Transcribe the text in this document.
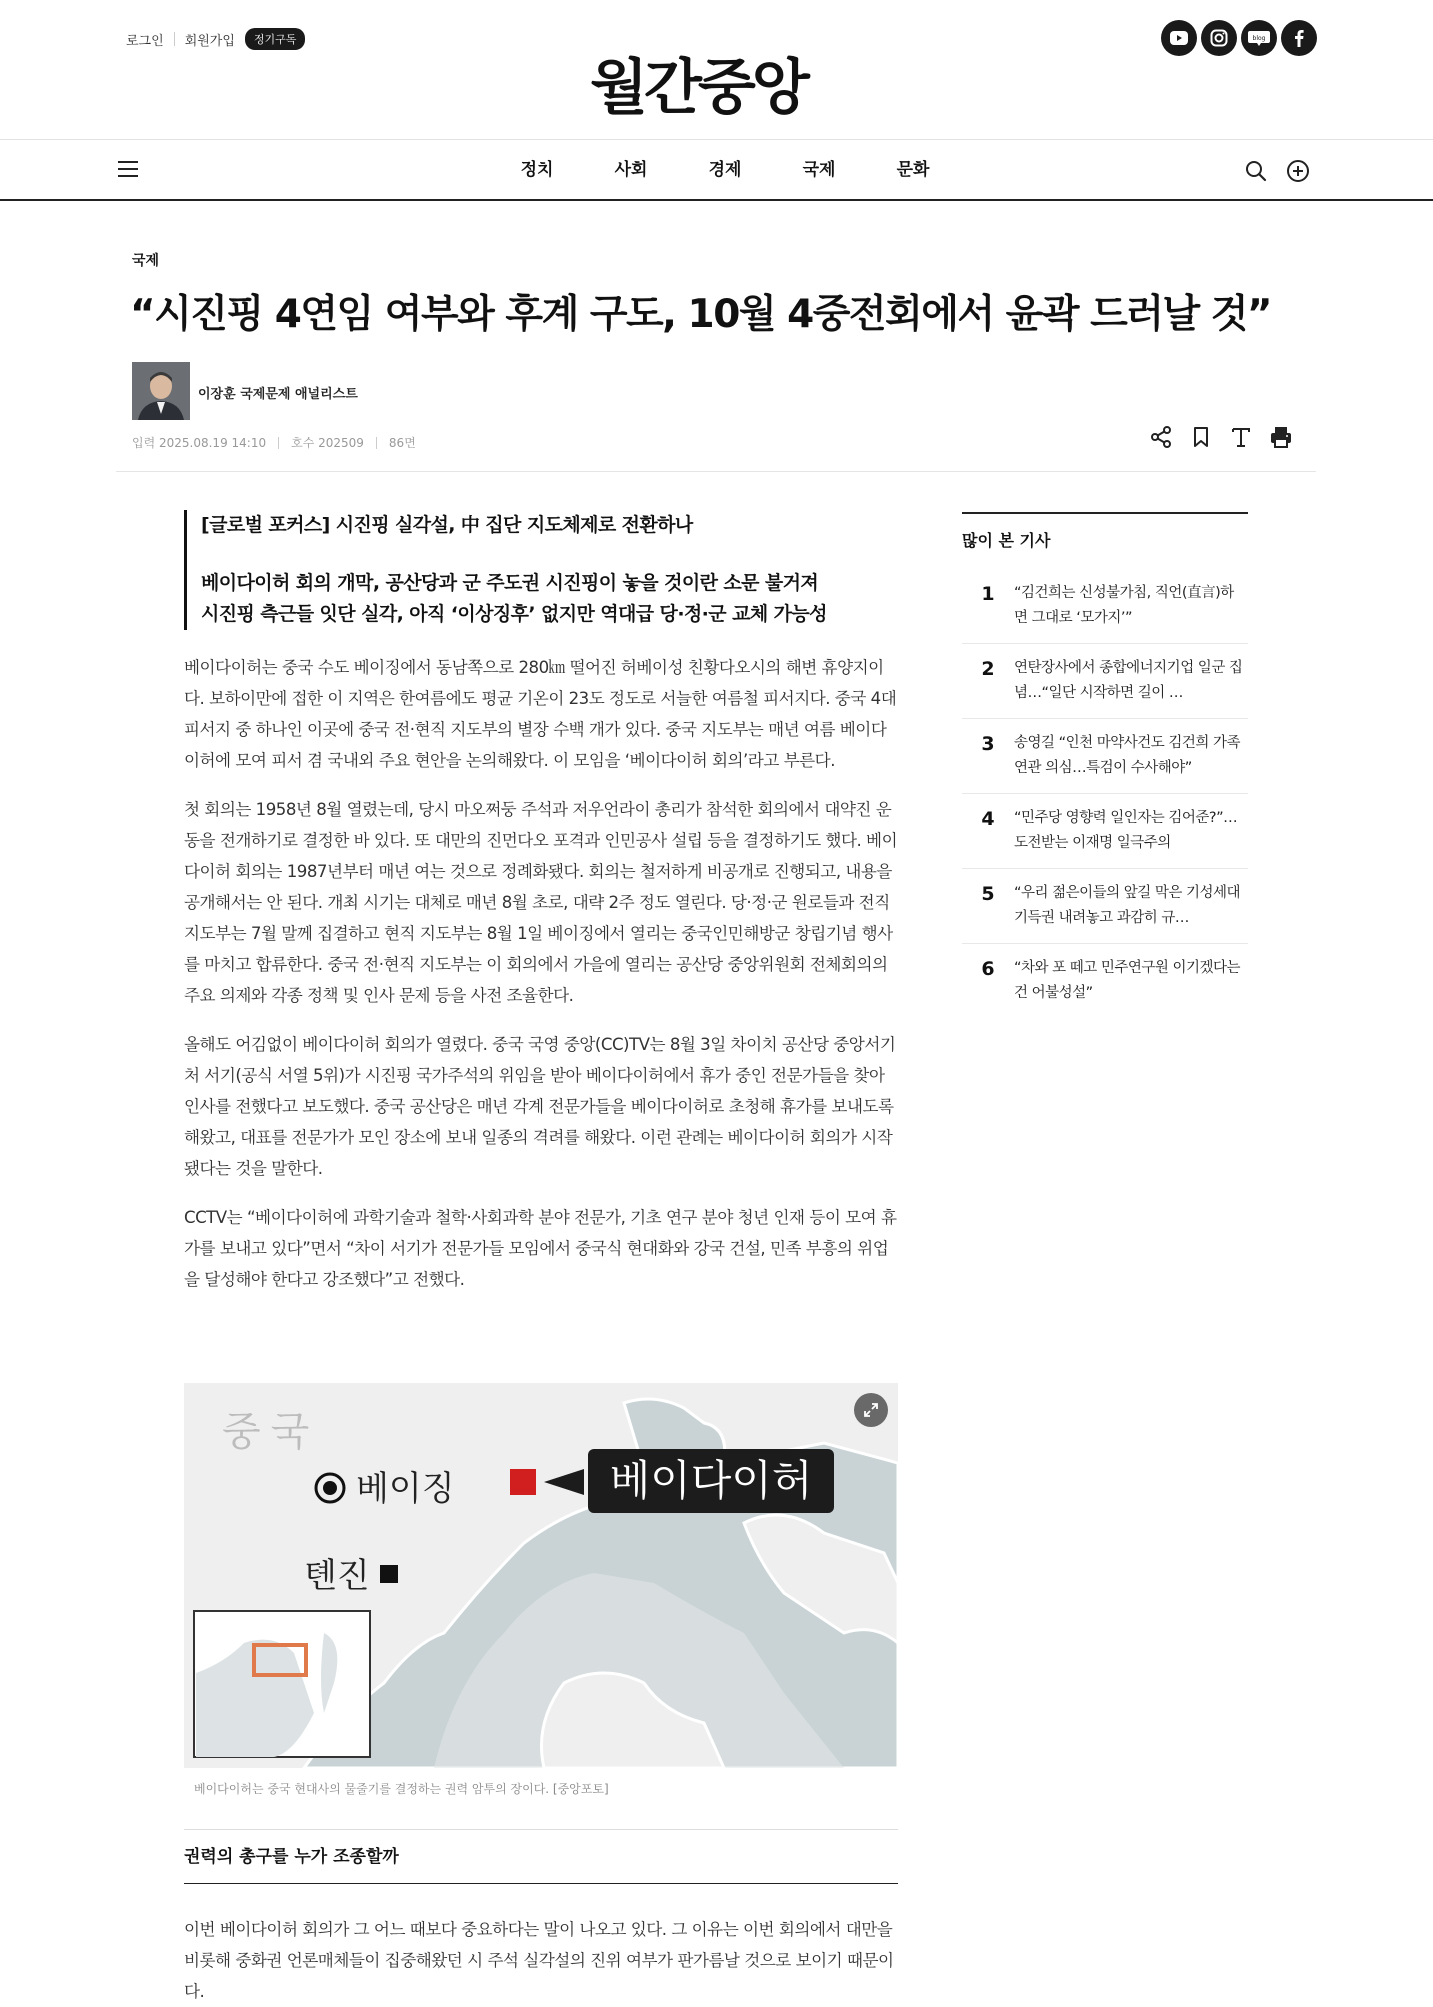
로그인 회원가입	정기구독
월간중앙
blog
정치	사회	경제	국제	문화
국제
“시진핑 4연임 여부와 후계 구도, 10월 4중전회에서 윤곽 드러날 것”
이장훈 국제문제 애널리스트
입력 2025.08.19 14:10 호수 202509 86면

[글로벌 포커스] 시진핑 실각설, 中 집단 지도체제로 전환하나

베이다이허 회의 개막, 공산당과 군 주도권 시진핑이 놓을 것이란 소문 불거져

시진핑 측근들 잇단 실각, 아직 ‘이상징후’ 없지만 역대급 당·정·군 교체 가능성

베이다이허는 중국 수도 베이징에서 동남쪽으로 280㎞ 떨어진 허베이성 친황다오시의 해변 휴양지이다. 보하이만에 접한 이 지역은 한여름에도 평균 기온이 23도 정도로 서늘한 여름철 피서지다. 중국 4대 피서지 중 하나인 이곳에 중국 전·현직 지도부의 별장 수백 개가 있다. 중국 지도부는 매년 여름 베이다이허에 모여 피서 겸 국내외 주요 현안을 논의해왔다. 이 모임을 ‘베이다이허 회의’라고 부른다.

첫 회의는 1958년 8월 열렸는데, 당시 마오쩌둥 주석과 저우언라이 총리가 참석한 회의에서 대약진 운동을 전개하기로 결정한 바 있다. 또 대만의 진먼다오 포격과 인민공사 설립 등을 결정하기도 했다. 베이다이허 회의는 1987년부터 매년 여는 것으로 정례화됐다. 회의는 철저하게 비공개로 진행되고, 내용을 공개해서는 안 된다. 개최 시기는 대체로 매년 8월 초로, 대략 2주 정도 열린다. 당·정·군 원로들과 전직 지도부는 7월 말께 집결하고 현직 지도부는 8월 1일 베이징에서 열리는 중국인민해방군 창립기념 행사를 마치고 합류한다. 중국 전·현직 지도부는 이 회의에서 가을에 열리는 공산당 중앙위원회 전체회의의 주요 의제와 각종 정책 및 인사 문제 등을 사전 조율한다.

올해도 어김없이 베이다이허 회의가 열렸다. 중국 국영 중앙(CC)TV는 8월 3일 차이치 공산당 중앙서기처 서기(공식 서열 5위)가 시진핑 국가주석의 위임을 받아 베이다이허에서 휴가 중인 전문가들을 찾아 인사를 전했다고 보도했다. 중국 공산당은 매년 각계 전문가들을 베이다이허로 초청해 휴가를 보내도록 해왔고, 대표를 전문가가 모인 장소에 보내 일종의 격려를 해왔다. 이런 관례는 베이다이허 회의가 시작됐다는 것을 말한다.

CCTV는 “베이다이허에 과학기술과 철학·사회과학 분야 전문가, 기초 연구 분야 청년 인재 등이 모여 휴가를 보내고 있다”면서 “차이 서기가 전문가들 모임에서 중국식 현대화와 강국 건설, 민족 부흥의 위업을 달성해야 한다고 강조했다”고 전했다.

중국
베이징	베이다이허
톈진
베이다이허는 중국 현대사의 물줄기를 결정하는 권력 암투의 장이다. [중앙포토]
권력의 총구를 누가 조종할까
이번 베이다이허 회의가 그 어느 때보다 중요하다는 말이 나오고 있다. 그 이유는 이번 회의에서 대만을 비롯해 중화권 언론매체들이 집중해왔던 시 주석 실각설의 진위 여부가 판가름날 것으로 보이기 때문이다.
많이 본 기사
1	“김건희는 신성불가침, 직언(直言)하면 그대로 ‘모가지’”
2	연탄장사에서 종합에너지기업 일군 집념…“일단 시작하면 길이 …
3	송영길 “인천 마약사건도 김건희 가족 연관 의심…특검이 수사해야”
4	“민주당 영향력 일인자는 김어준?”…도전받는 이재명 일극주의
5	“우리 젊은이들의 앞길 막은 기성세대 기득권 내려놓고 과감히 규…
6	“차와 포 떼고 민주연구원 이기겠다는 건 어불성설”
